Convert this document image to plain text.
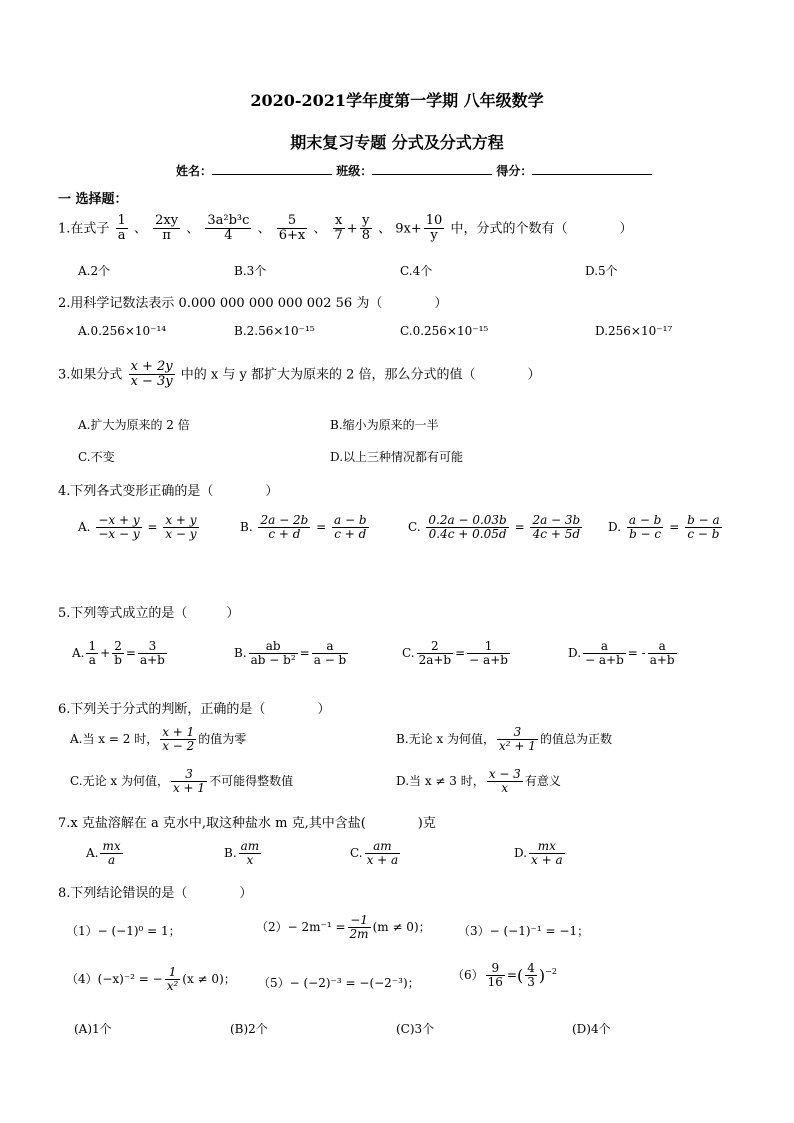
2020-2021学年度第一学期 八年级数学
期末复习专题 分式及分式方程
姓名：	班级：	得分：
一 选择题：
1.在式子 $\frac{1}{a}$ 、 $\frac{2xy}{\pi}$ 、 $\frac{\text{3a²b³c}}{4}$ 、 $\frac{5}{6+x}$ 、 $\frac{x}{7} + \frac{y}{8}$ 、 $9x+ \frac{10}{y}$ 中，分式的个数有（　　　　）
A.2个	B.3个	C.4个	D.5个
2.用科学记数法表示 0.000 000 000 000 002 56 为（　　　　）
A.0.256×10⁻¹⁴	B.2.56×10⁻¹⁵	C.0.256×10⁻¹⁵	D.256×10⁻¹⁷
3.如果分式 $\frac{x + 2y}{x - 3y}$ 中的 x 与 y 都扩大为原来的 2 倍，那么分式的值（　　　　）
A.扩大为原来的 2 倍	B.缩小为原来的一半
C.不变	D.以上三种情况都有可能
4.下列各式变形正确的是（　　　　）
A. $\frac{-x + y}{-x - y} = \frac{x + y}{x - y}$	B. $\frac{2a - 2b}{c + d} = \frac{a - b}{c + d}$	C. $\frac{0.2a - 0.03b}{0.4c + 0.05d} = \frac{2a - 3b}{4c + 5d} D$. $\frac{a - b}{b - c} = \frac{b - a}{c - b}$
5.下列等式成立的是（　　　）
A. $\frac{1}{a} + \frac{2}{b} = \frac{3}{a+b}$	B. $\frac{ab}{\text{ab − b²}} = \frac{a}{a - b}$	C. $\frac{2}{2a+b} = \frac{1}{- a+b}$	D. $\frac{a}{- a+b}$ = - $\frac{a}{a+b}$
6.下列关于分式的判断，正确的是（　　　　）
A.当 x = 2 时， $\frac{x + 1}{x - 2}$ 的值为零	B.无论 x 为何值， $\frac{3}{\text{x² + 1}}$ 的值总为正数
C.无论 x 为何值， $\frac{3}{x + 1}$ 不可能得整数值	D.当 x ≠ 3 时， $\frac{x - 3}{x}$ 有意义
7.x 克盐溶解在 a 克水中,取这种盐水 m 克,其中含盐(　　　　)克
A. $\frac{mx}{a}$	B. $\frac{am}{x}$	C. $\frac{am}{x + a}$	D. $\frac{mx}{x + a}$
8.下列结论错误的是（　　　　）
（1）− (−1)⁰ = 1；	$(2)- 2m^{-1} = \frac{-1}{2m} (m \ne 0)$； （3）− (−1)⁻¹ = −1；
（4）(−x)⁻² = − $\frac{1}{\text{x²}} (x \ne 0)$； （5）− (−2)⁻³ = −(−2⁻³)；
$(6) \frac{9}{16}$ =( $\frac{4}{3} )^{-2}$
(A)1个	(B)2个	(C)3个	(D)4个
